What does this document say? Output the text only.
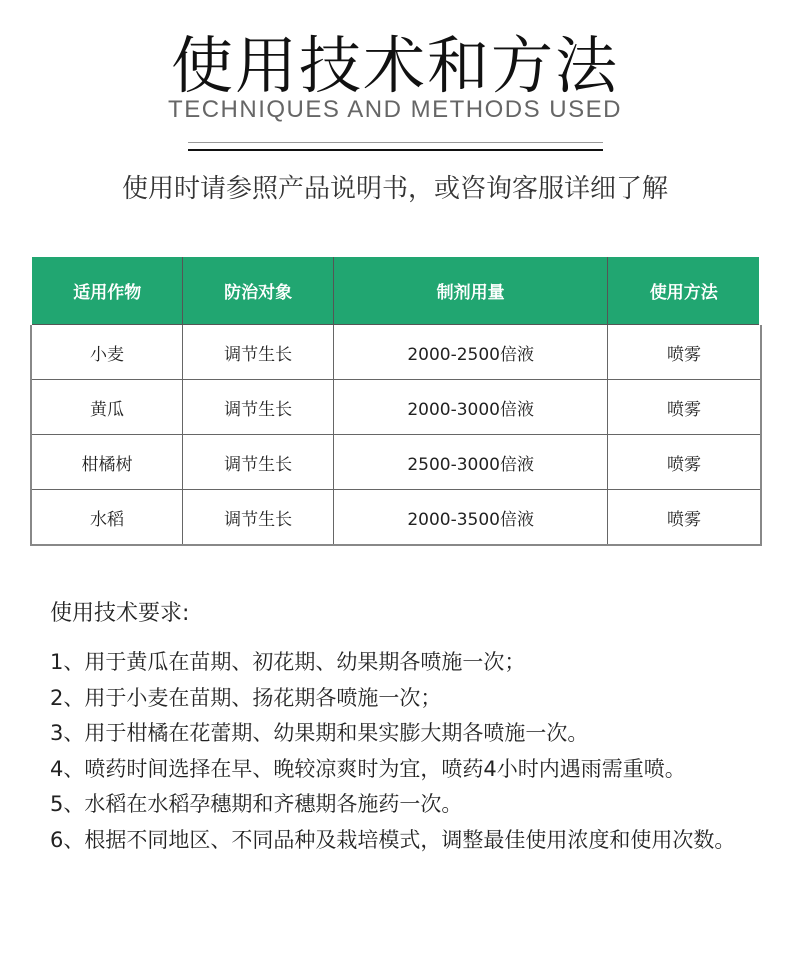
使用技术和方法
TECHNIQUES AND METHODS USED
使用时请参照产品说明书，或咨询客服详细了解
适用作物	防治对象	制剂用量	使用方法
小麦	调节生长	2000-2500倍液	喷雾
黄瓜	调节生长	2000-3000倍液	喷雾
柑橘树	调节生长	2500-3000倍液	喷雾
水稻	调节生长	2000-3500倍液	喷雾
使用技术要求:
1、用于黄瓜在苗期、初花期、幼果期各喷施一次；
2、用于小麦在苗期、扬花期各喷施一次；
3、用于柑橘在花蕾期、幼果期和果实膨大期各喷施一次。
4、喷药时间选择在早、晚较凉爽时为宜，喷药4小时内遇雨需重喷。
5、水稻在水稻孕穗期和齐穗期各施药一次。
6、根据不同地区、不同品种及栽培模式，调整最佳使用浓度和使用次数。
